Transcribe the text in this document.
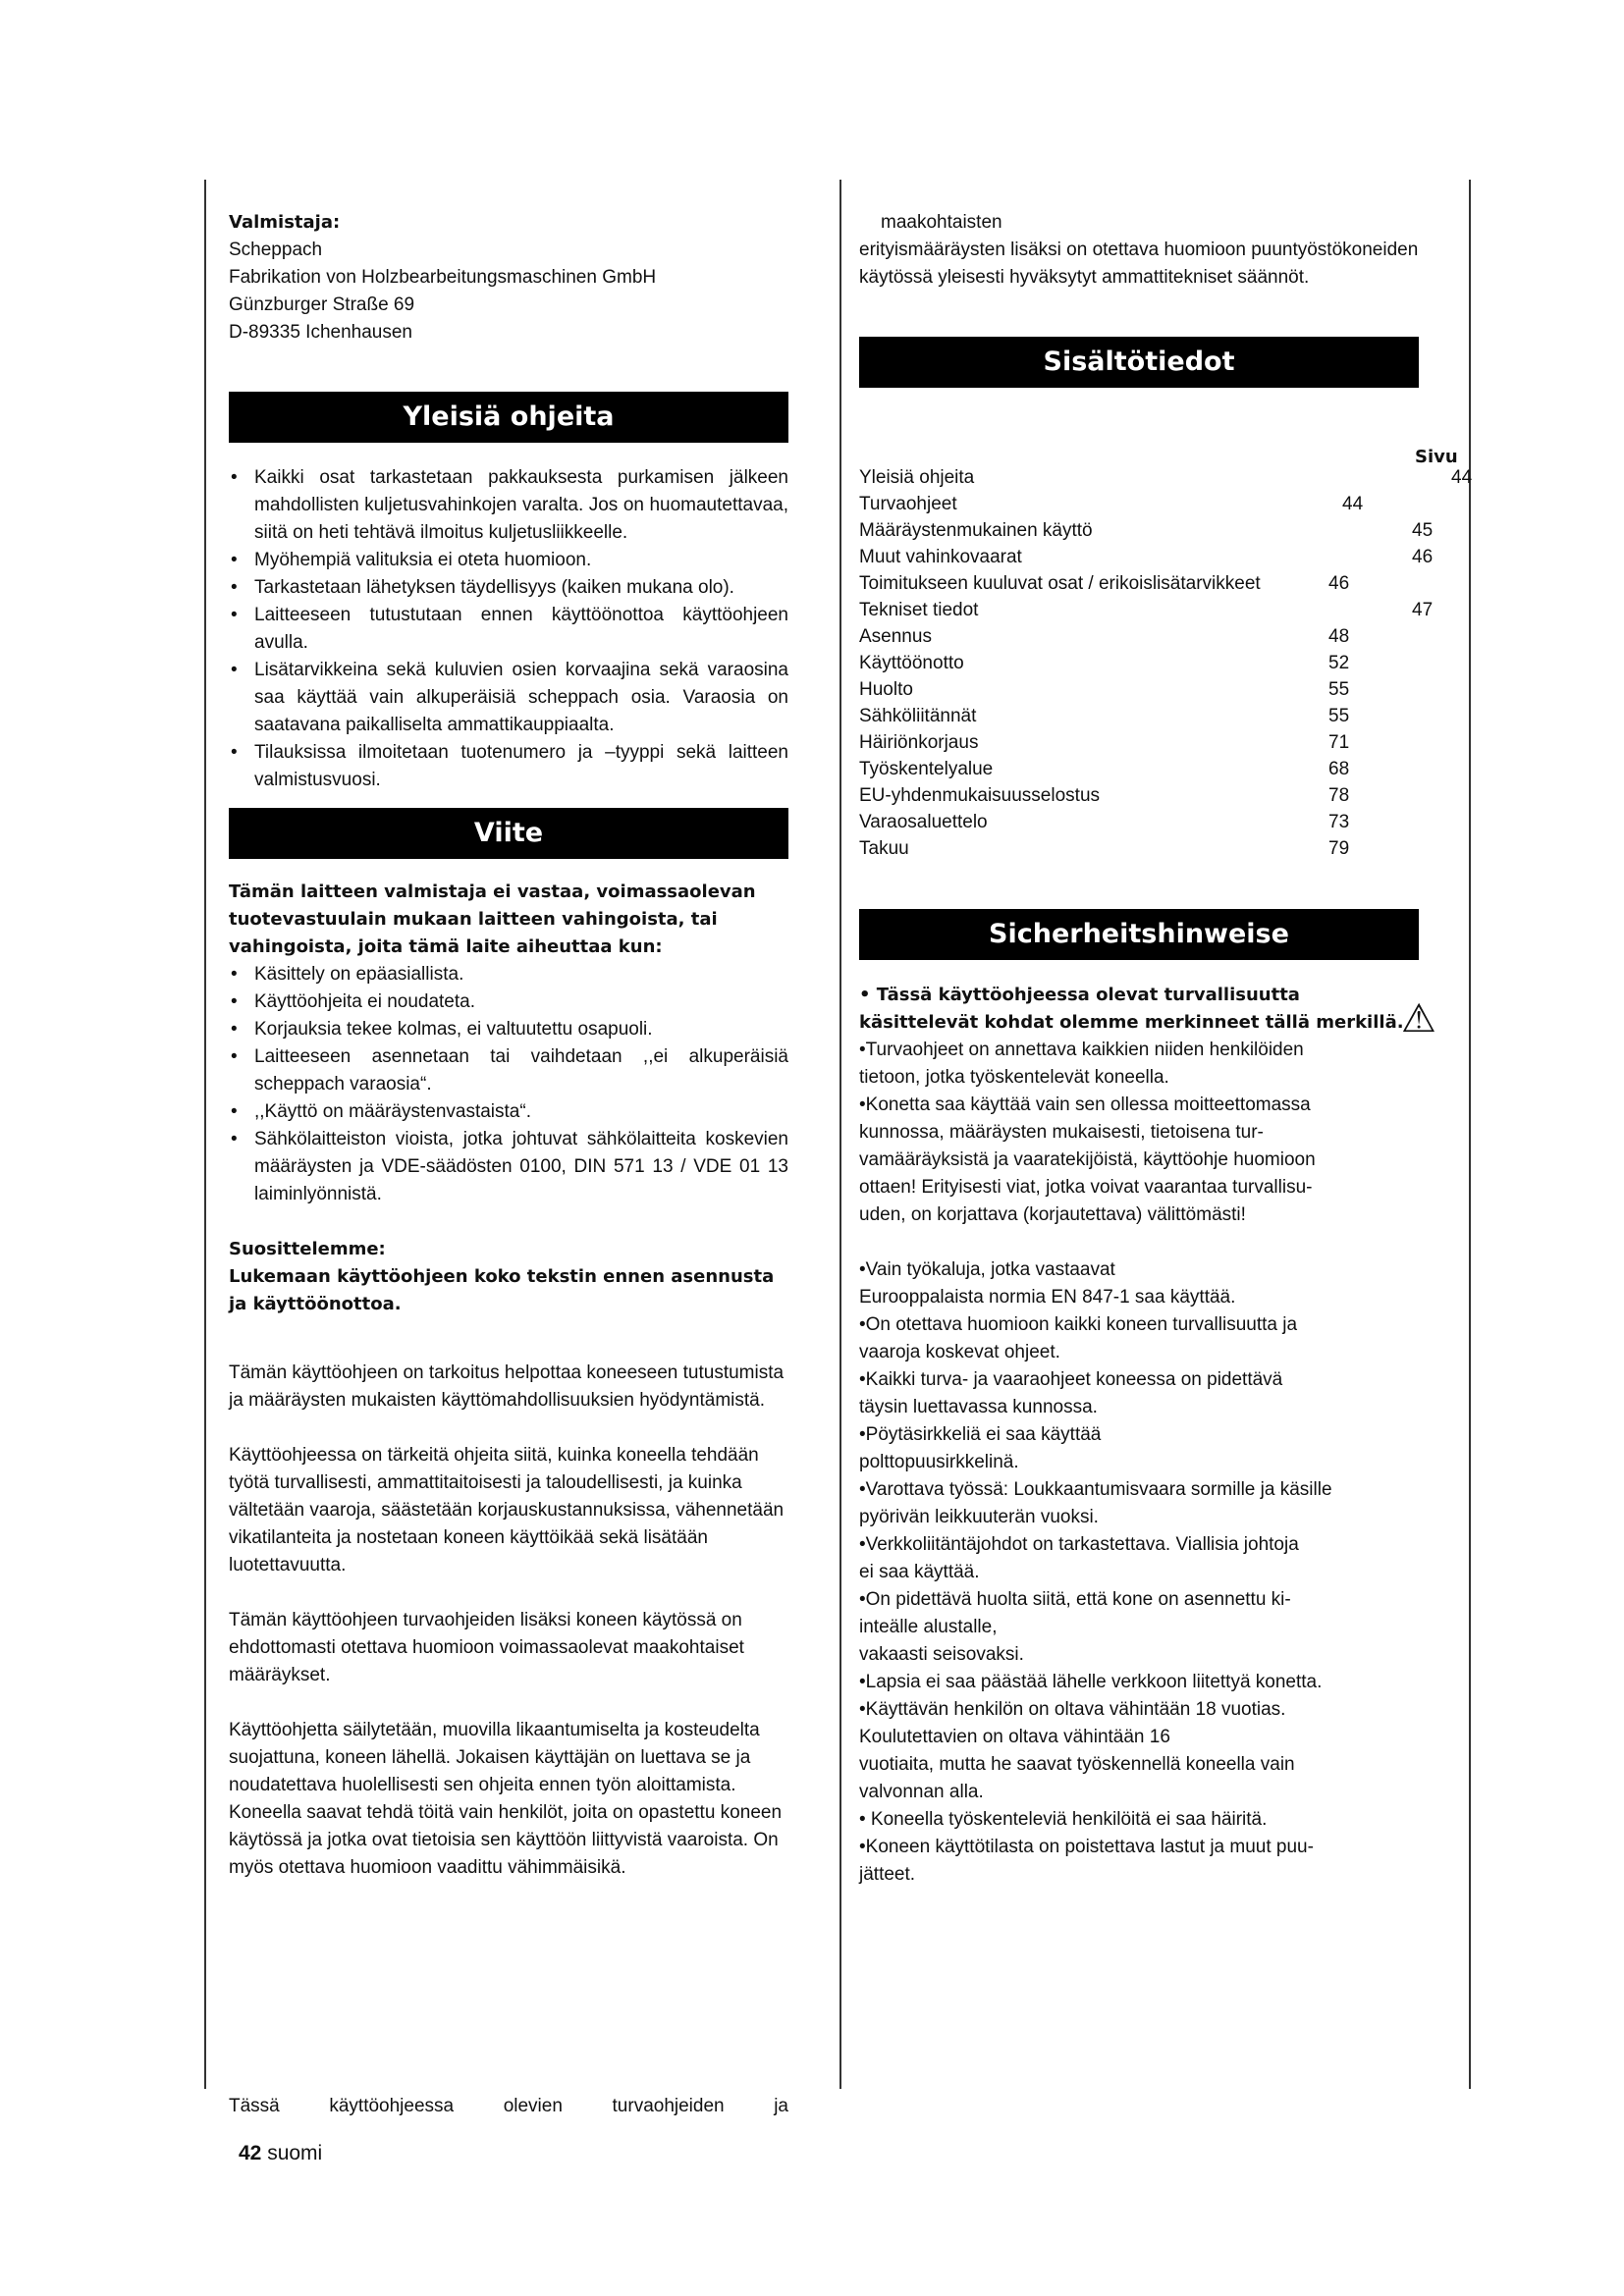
Valmistaja:
Scheppach
Fabrikation von Holzbearbeitungsmaschinen GmbH
Günzburger Straße 69
D-89335 Ichenhausen
Yleisiä ohjeita
• Kaikki osat tarkastetaan pakkauksesta purkamisen jälkeen mahdollisten kuljetusvahinkojen varalta. Jos on huomautettavaa, siitä on heti tehtävä ilmoitus kuljetusliikkeelle.
• Myöhempiä valituksia ei oteta huomioon.
• Tarkastetaan lähetyksen täydellisyys (kaiken mukana olo).
• Laitteeseen tutustutaan ennen käyttöönottoa käyttöohjeen avulla.
• Lisätarvikkeina sekä kuluvien osien korvaajina sekä varaosina saa käyttää vain alkuperäisiä scheppach osia. Varaosia on saatavana paikalliselta ammattikauppiaalta.
• Tilauksissa ilmoitetaan tuotenumero ja –tyyppi sekä laitteen valmistusvuosi.
Viite

Tämän laitteen valmistaja ei vastaa, voimassaolevan tuotevastuulain mukaan laitteen vahingoista, tai vahingoista, joita tämä laite aiheuttaa kun:

• Käsittely on epäasiallista.
• Käyttöohjeita ei noudateta.
• Korjauksia tekee kolmas, ei valtuutettu osapuoli.
• Laitteeseen asennetaan tai vaihdetaan ,,ei alkuperäisiä scheppach varaosia“.
• ,,Käyttö on määräystenvastaista“.
• Sähkölaitteiston vioista, jotka johtuvat sähkölaitteita koskevien määräysten ja VDE-säädösten 0100, DIN 571 13 / VDE 01 13 laiminlyönnistä.
Suosittelemme:

Lukemaan käyttöohjeen koko tekstin ennen asennusta ja käyttöönottoa.

Tämän käyttöohjeen on tarkoitus helpottaa koneeseen tutustumista ja määräysten mukaisten käyttömahdollisuuksien hyödyntämistä.

Käyttöohjeessa on tärkeitä ohjeita siitä, kuinka koneella tehdään työtä turvallisesti, ammattitaitoisesti ja taloudellisesti, ja kuinka vältetään vaaroja, säästetään korjauskustannuksissa, vähennetään vikatilanteita ja nostetaan koneen käyttöikää sekä lisätään luotettavuutta.

Tämän käyttöohjeen turvaohjeiden lisäksi koneen käytössä on ehdottomasti otettava huomioon voimassaolevat maakohtaiset määräykset.

Käyttöohjetta säilytetään, muovilla likaantumiselta ja kosteudelta suojattuna, koneen lähellä. Jokaisen käyttäjän on luettava se ja noudatettava huolellisesti sen ohjeita ennen työn aloittamista. Koneella saavat tehdä töitä vain henkilöt, joita on opastettu koneen käytössä ja jotka ovat tietoisia sen käyttöön liittyvistä vaaroista. On myös otettava huomioon vaadittu vähimmäisikä.

Tässä käyttöohjeessa olevien turvaohjeiden ja
maakohtaisten

erityismääräysten lisäksi on otettava huomioon puuntyöstökoneiden käytössä yleisesti hyväksytyt ammattitekniset säännöt.

Sisältötiedot
Sivu
Yleisiä ohjeita	44
Turvaohjeet	44
Määräystenmukainen käyttö	45
Muut vahinkovaarat	46
Toimitukseen kuuluvat osat / erikoislisätarvikkeet	46
Tekniset tiedot	47
Asennus	48
Käyttöönotto	52
Huolto	55
Sähköliitännät	55
Häiriönkorjaus	71
Työskentelyalue	68
EU-yhdenmukaisuusselostus	78
Varaosaluettelo	73
Takuu	79
Sicherheitshinweise
• Tässä käyttöohjeessa olevat turvallisuutta
käsittelevät kohdat olemme merkinneet tällä merkillä.
⚠
•Turvaohjeet on annettava kaikkien niiden henkilöiden
tietoon, jotka työskentelevät koneella.
•Konetta saa käyttää vain sen ollessa moitteettomassa
kunnossa, määräysten mukaisesti, tietoisena tur-
vamääräyksistä ja vaaratekijöistä, käyttöohje huomioon
ottaen! Erityisesti viat, jotka voivat vaarantaa turvallisu-
uden, on korjattava (korjautettava) välittömästi!
•Vain työkaluja, jotka vastaavat
Eurooppalaista normia EN 847-1 saa käyttää.
•On otettava huomioon kaikki koneen turvallisuutta ja
vaaroja koskevat ohjeet.
•Kaikki turva- ja vaaraohjeet koneessa on pidettävä
täysin luettavassa kunnossa.
•Pöytäsirkkeliä ei saa käyttää
polttopuusirkkelinä.
•Varottava työssä: Loukkaantumisvaara sormille ja käsille
pyörivän leikkuuterän vuoksi.
•Verkkoliitäntäjohdot on tarkastettava. Viallisia johtoja
ei saa käyttää.
•On pidettävä huolta siitä, että kone on asennettu ki-
inteälle alustalle,
vakaasti seisovaksi.
•Lapsia ei saa päästää lähelle verkkoon liitettyä konetta.
•Käyttävän henkilön on oltava vähintään 18 vuotias.
Koulutettavien on oltava vähintään 16
vuotiaita, mutta he saavat työskennellä koneella vain
valvonnan alla.
• Koneella työskenteleviä henkilöitä ei saa häiritä.
•Koneen käyttötilasta on poistettava lastut ja muut puu-
jätteet.
42 suomi
